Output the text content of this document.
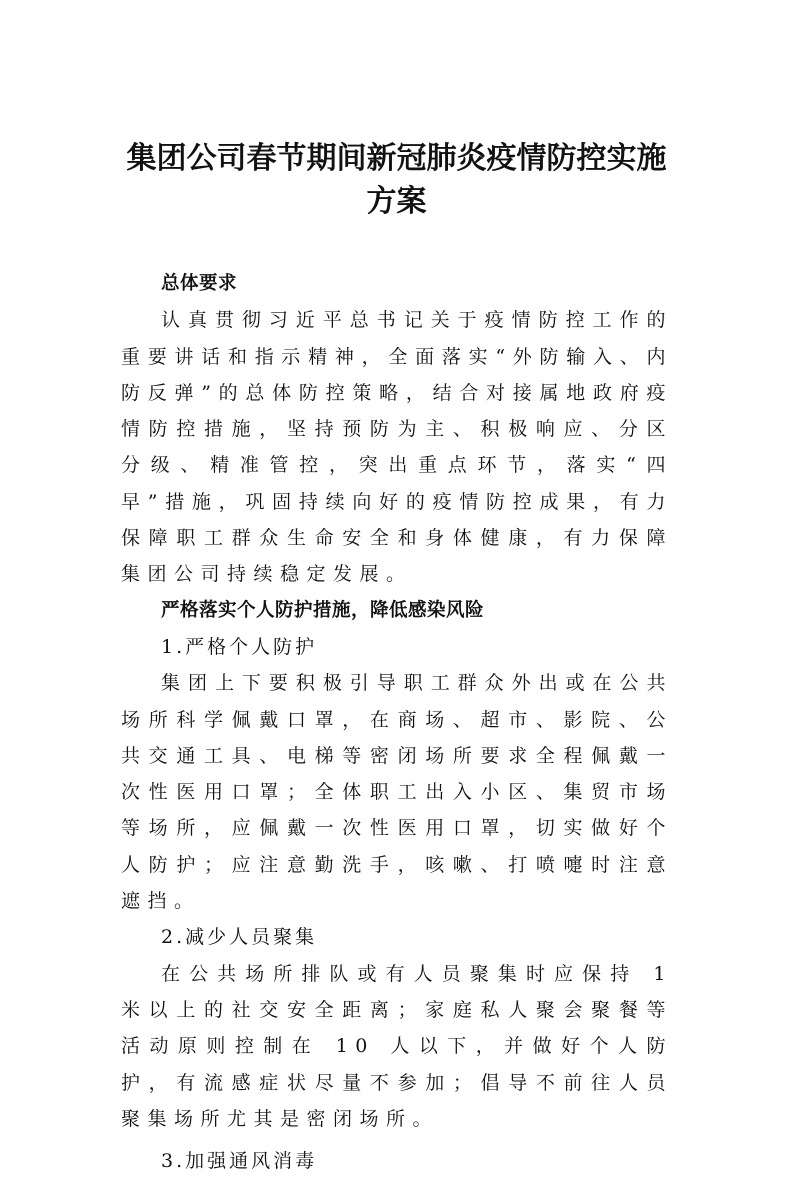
集团公司春节期间新冠肺炎疫情防控实施
方案

总体要求

认真贯彻习近平总书记关于疫情防控工作的重要讲话和指示精神，全面落实“外防输入、内防反弹”的总体防控策略，结合对接属地政府疫情防控措施，坚持预防为主、积极响应、分区分级、精准管控，突出重点环节，落实“四早”措施，巩固持续向好的疫情防控成果，有力保障职工群众生命安全和身体健康，有力保障集团公司持续稳定发展。

严格落实个人防护措施，降低感染风险

1.严格个人防护

集团上下要积极引导职工群众外出或在公共场所科学佩戴口罩，在商场、超市、影院、公共交通工具、电梯等密闭场所要求全程佩戴一次性医用口罩；全体职工出入小区、集贸市场等场所，应佩戴一次性医用口罩，切实做好个人防护；应注意勤洗手，咳嗽、打喷嚏时注意遮挡。

2.减少人员聚集

在公共场所排队或有人员聚集时应保持 1 米以上的社交安全距离；家庭私人聚会聚餐等活动原则控制在 10 人以下，并做好个人防护，有流感症状尽量不参加；倡导不前往人员聚集场所尤其是密闭场所。

3.加强通风消毒
